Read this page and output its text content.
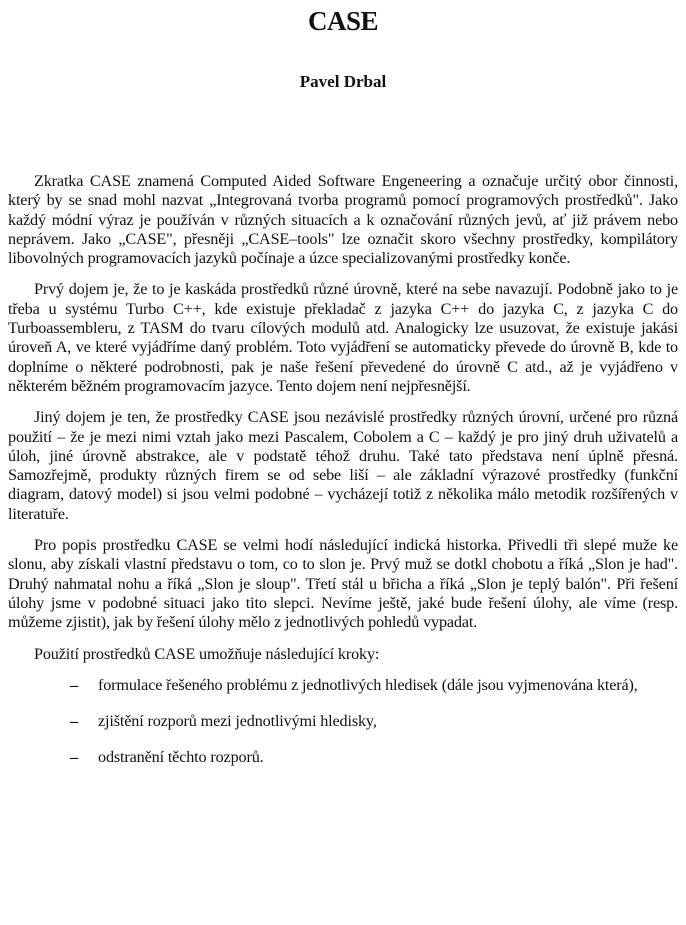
CASE
Pavel Drbal

Zkratka CASE znamená Computed Aided Software Engeneering a označuje určitý obor činnosti, který by se snad mohl nazvat „Integrovaná tvorba programů pomocí programových prostředků". Jako každý módní výraz je používán v různých situacích a k označování různých jevů, ať již právem nebo neprávem. Jako „CASE", přesněji „CASE–tools" lze označit skoro všechny prostředky, kompilátory libovolných programovacích jazyků počínaje a úzce specializovanými prostředky konče.

Prvý dojem je, že to je kaskáda prostředků různé úrovně, které na sebe navazují. Podobně jako to je třeba u systému Turbo C++, kde existuje překladač z jazyka C++ do jazyka C, z jazyka C do Turboassembleru, z TASM do tvaru cílových modulů atd. Analogicky lze usuzovat, že existuje jakási úroveň A, ve které vyjádříme daný problém. Toto vyjádření se automaticky převede do úrovně B, kde to doplníme o některé podrobnosti, pak je naše řešení převedené do úrovně C atd., až je vyjádřeno v některém běžném programovacím jazyce. Tento dojem není nejpřesnější.

Jiný dojem je ten, že prostředky CASE jsou nezávislé prostředky různých úrovní, určené pro různá použití – že je mezi nimi vztah jako mezi Pascalem, Cobolem a C – každý je pro jiný druh uživatelů a úloh, jiné úrovně abstrakce, ale v podstatě téhož druhu. Také tato představa není úplně přesná. Samozřejmě, produkty různých firem se od sebe liší – ale základní výrazové prostředky (funkční diagram, datový model) si jsou velmi podobné – vycházejí totiž z několika málo metodik rozšířených v literatuře.

Pro popis prostředku CASE se velmi hodí následující indická historka. Přivedli tři slepé muže ke slonu, aby získali vlastní představu o tom, co to slon je. Prvý muž se dotkl chobotu a říká „Slon je had". Druhý nahmatal nohu a říká „Slon je sloup". Třetí stál u břicha a říká „Slon je teplý balón". Při řešení úlohy jsme v podobné situaci jako tito slepci. Nevíme ještě, jaké bude řešení úlohy, ale víme (resp. můžeme zjistit), jak by řešení úlohy mělo z jednotlivých pohledů vypadat.

Použití prostředků CASE umožňuje následující kroky:

– formulace řešeného problému z jednotlivých hledisek (dále jsou vyjmenována která),
– zjištění rozporů mezi jednotlivými hledisky,
– odstranění těchto rozporů.
